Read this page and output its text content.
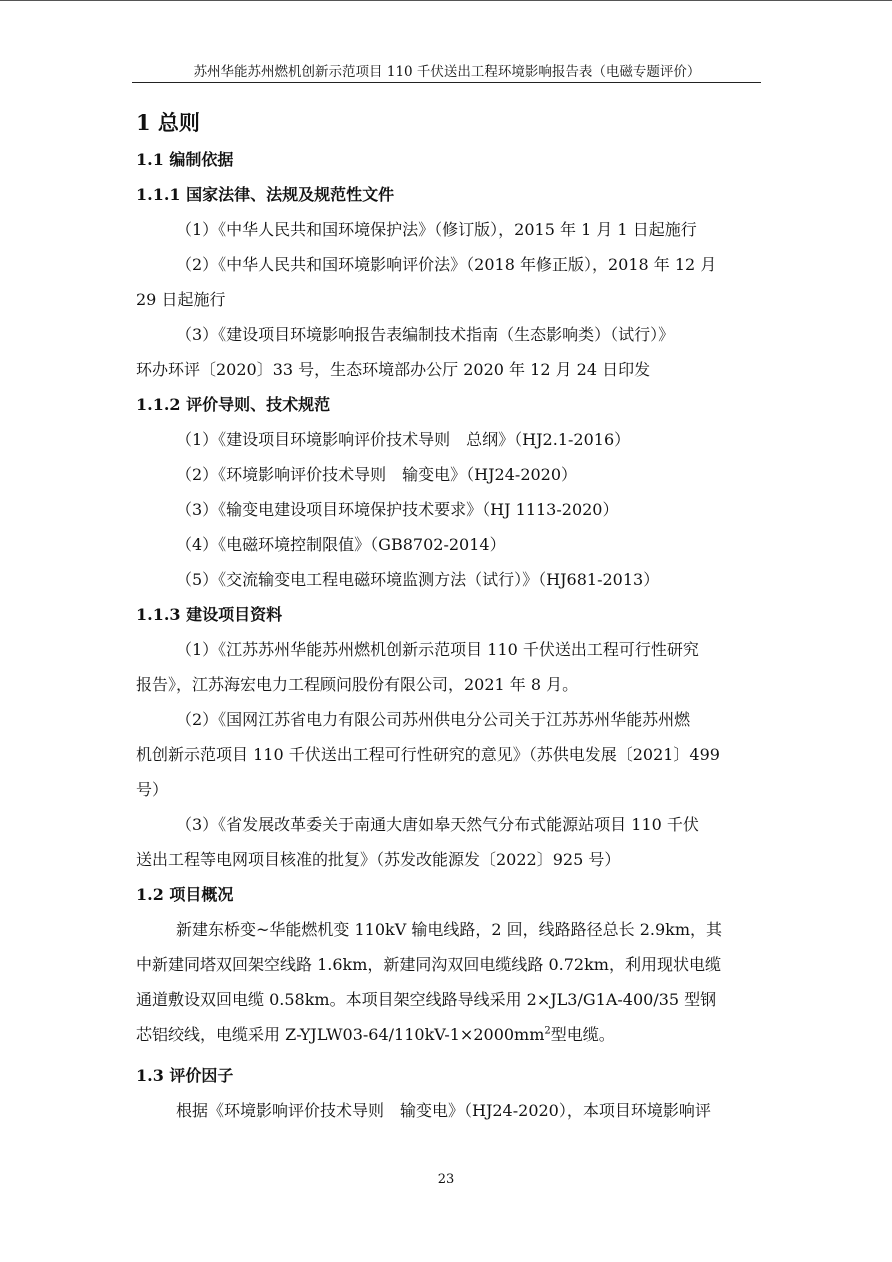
苏州华能苏州燃机创新示范项目 110 千伏送出工程环境影响报告表（电磁专题评价）
1 总则
1.1 编制依据
1.1.1 国家法律、法规及规范性文件
（1）《中华人民共和国环境保护法》（修订版），2015 年 1 月 1 日起施行
（2）《中华人民共和国环境影响评价法》（2018 年修正版），2018 年 12 月
29 日起施行
（3）《建设项目环境影响报告表编制技术指南（生态影响类）（试行）》
环办环评〔2020〕33 号，生态环境部办公厅 2020 年 12 月 24 日印发
1.1.2 评价导则、技术规范
（1）《建设项目环境影响评价技术导则　总纲》（HJ2.1-2016）
（2）《环境影响评价技术导则　输变电》（HJ24-2020）
（3）《输变电建设项目环境保护技术要求》（HJ 1113-2020）
（4）《电磁环境控制限值》（GB8702-2014）
（5）《交流输变电工程电磁环境监测方法（试行）》（HJ681-2013）
1.1.3 建设项目资料
（1）《江苏苏州华能苏州燃机创新示范项目 110 千伏送出工程可行性研究
报告》，江苏海宏电力工程顾问股份有限公司，2021 年 8 月。
（2）《国网江苏省电力有限公司苏州供电分公司关于江苏苏州华能苏州燃
机创新示范项目 110 千伏送出工程可行性研究的意见》（苏供电发展〔2021〕499
号）
（3）《省发展改革委关于南通大唐如皋天然气分布式能源站项目 110 千伏
送出工程等电网项目核准的批复》（苏发改能源发〔2022〕925 号）
1.2 项目概况
新建东桥变~华能燃机变 110kV 输电线路，2 回，线路路径总长 2.9km，其
中新建同塔双回架空线路 1.6km，新建同沟双回电缆线路 0.72km，利用现状电缆
通道敷设双回电缆 0.58km。本项目架空线路导线采用 2×JL3/G1A-400/35 型钢
芯铝绞线，电缆采用 $Z-YJLW03-64/110kV-1\times 2000mm^2$型电缆。
1.3 评价因子
根据《环境影响评价技术导则　输变电》（HJ24-2020），本项目环境影响评
23
